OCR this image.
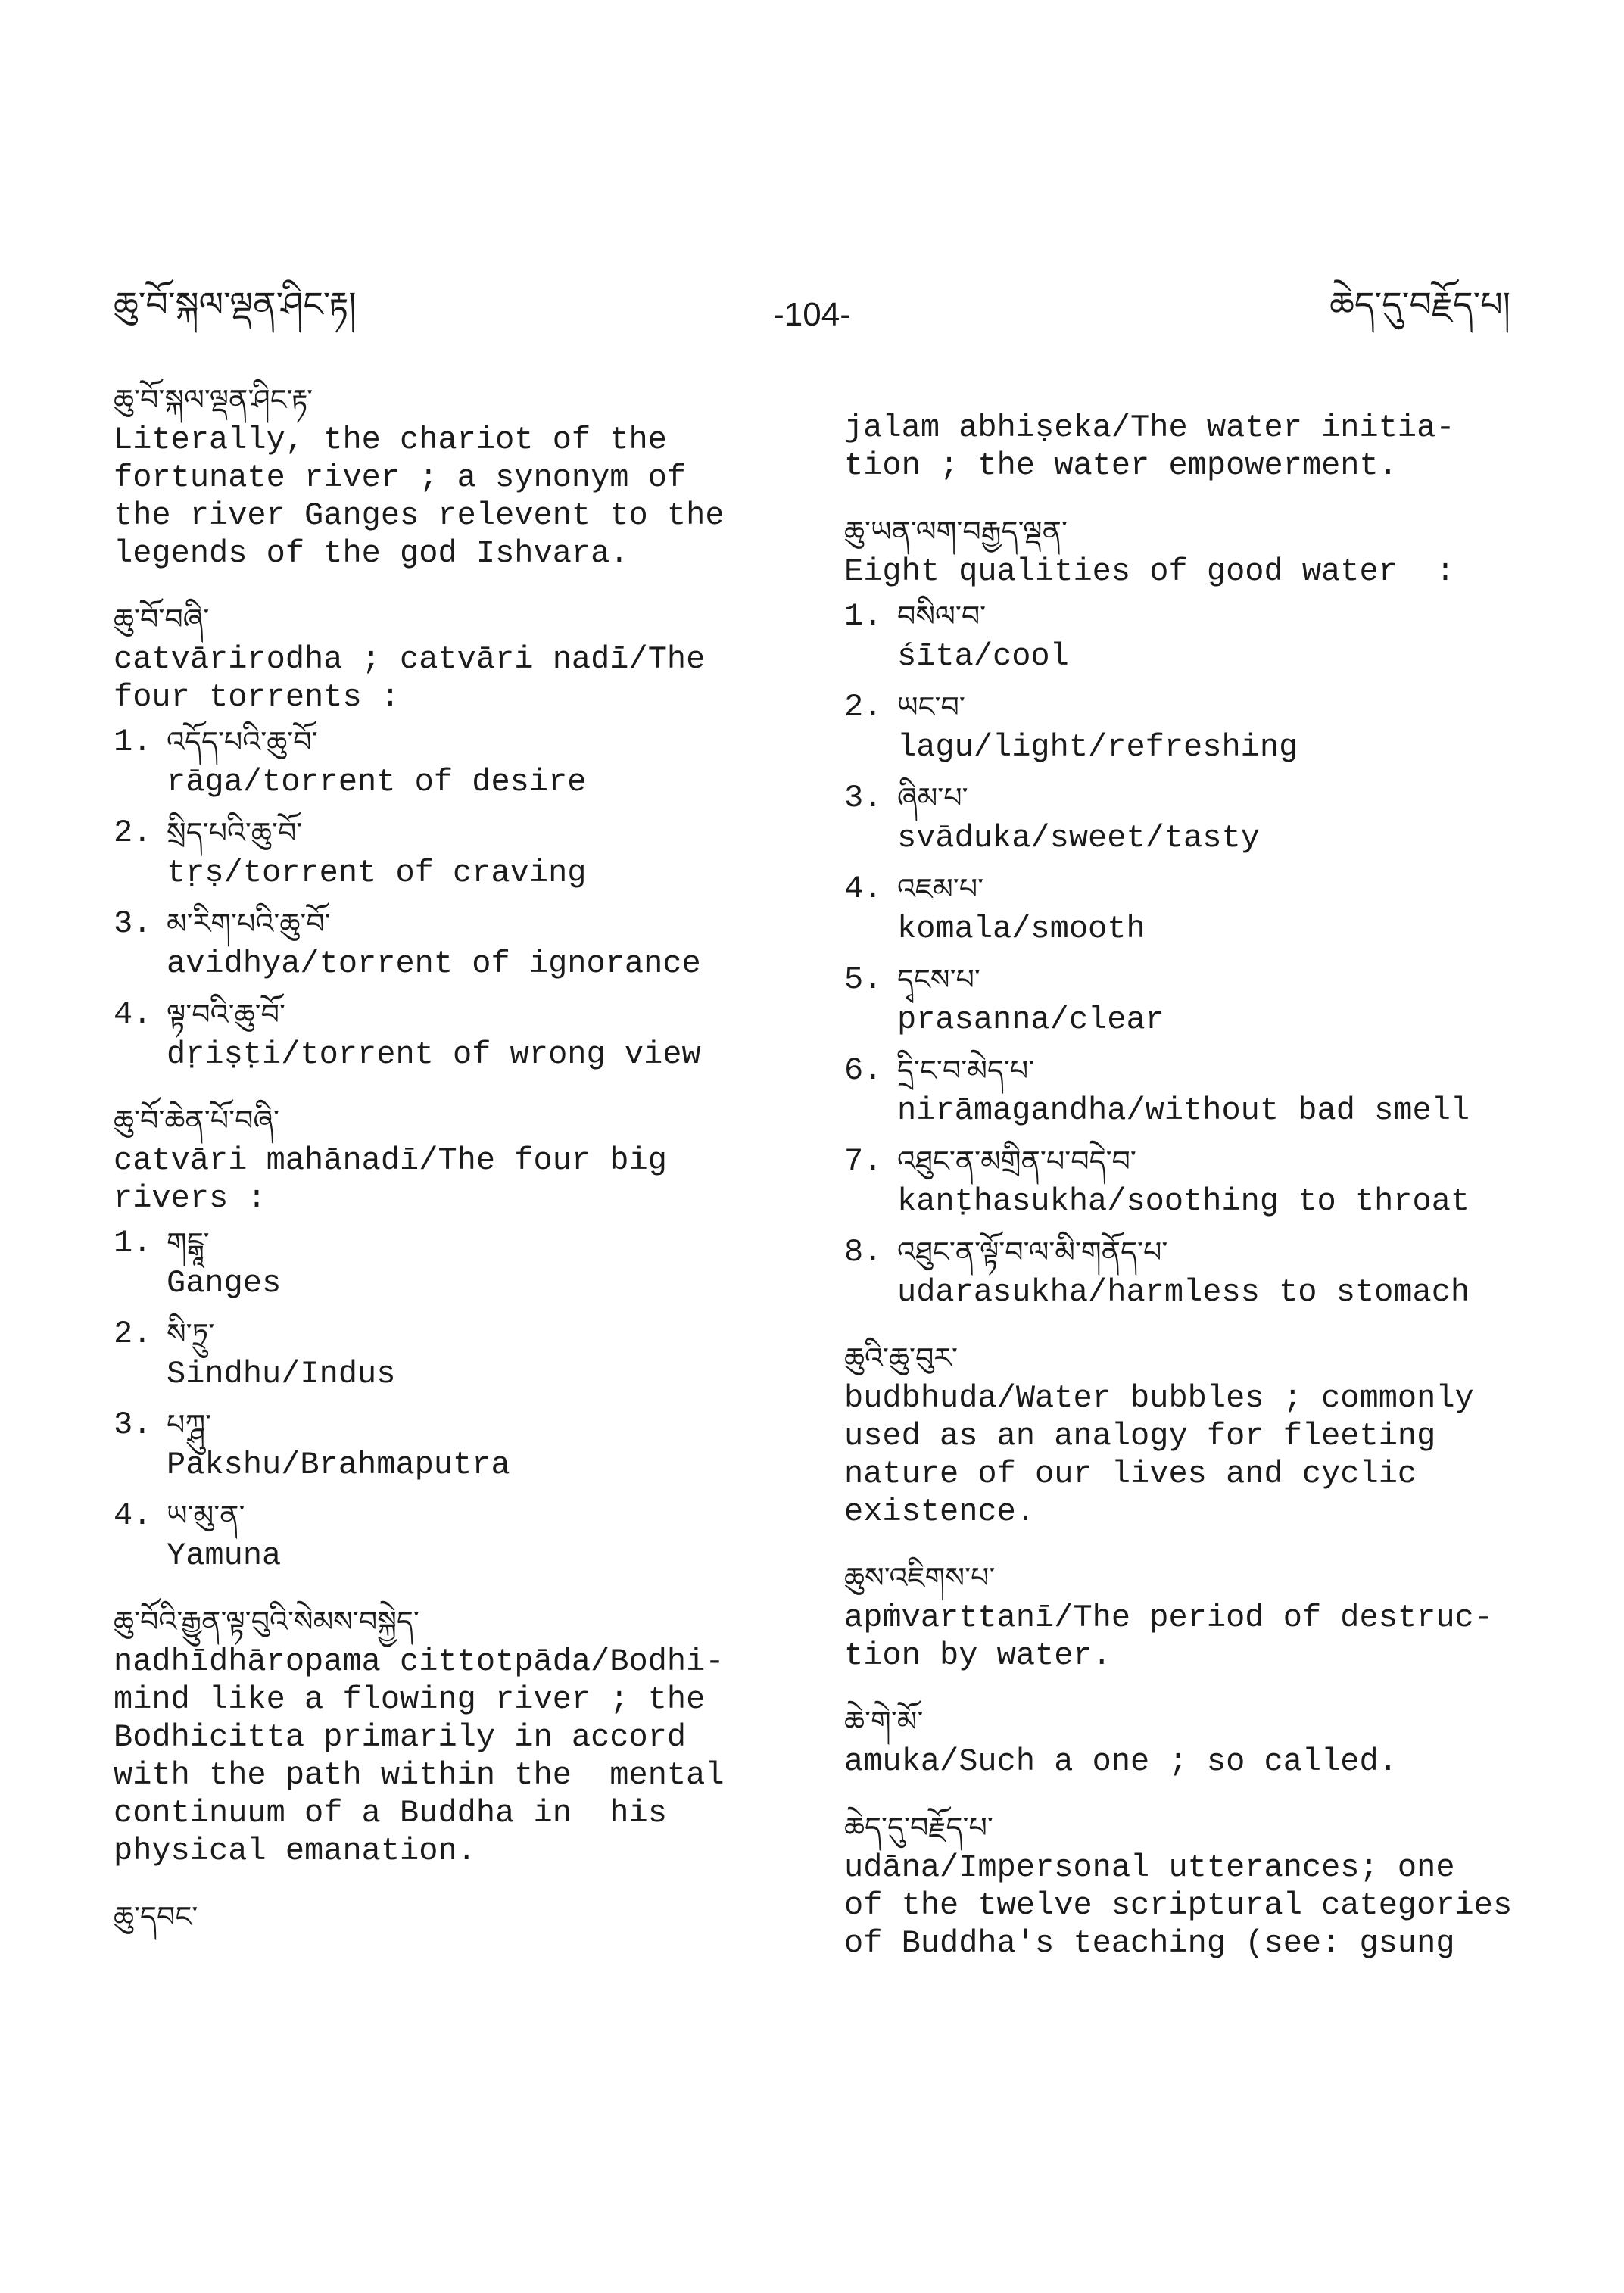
ཆུ་བོ་སྐལ་ལྡན་ཤིང་རྟ།	-104-	ཆེད་དུ་བརྗོད་པ།
ཆུ་བོ་སྐལ་ལྡན་ཤིང་རྟ་
Literally, the chariot of the
fortunate river ; a synonym of
the river Ganges relevent to the
legends of the god Ishvara.
ཆུ་བོ་བཞི་
catvārirodha ; catvāri nadī/The
four torrents :
1. འདོད་པའི་ཆུ་བོ་
rāga/torrent of desire
2. སྲིད་པའི་ཆུ་བོ་
tṛṣ/torrent of craving
3. མ་རིག་པའི་ཆུ་བོ་
avidhya/torrent of ignorance
4. ལྟ་བའི་ཆུ་བོ་
dṛiṣṭi/torrent of wrong view
ཆུ་བོ་ཆེན་པོ་བཞི་
catvāri mahānadī/The four big
rivers :
1. གངྒཱ་
Ganges
2. སི་ཏྲུ་
Sindhu/Indus
3. པཀྴུ་
Pakshu/Brahmaputra
4. ཡ་མུ་ན་
Yamuna
ཆུ་བོའི་རྒྱུན་ལྟ་བུའི་སེམས་བསྐྱེད་
nadhīdhāropama cittotpāda/Bodhi-
mind like a flowing river ; the
Bodhicitta primarily in accord
with the path within the  mental
continuum of a Buddha in  his
physical emanation.
ཆུ་དབང་
jalam abhiṣeka/The water initia-
tion ; the water empowerment.
ཆུ་ཡན་ལག་བརྒྱད་ལྡན་
Eight qualities of good water  :
1. བསིལ་བ་
śīta/cool
2. ཡང་བ་
lagu/light/refreshing
3. ཞིམ་པ་
svāduka/sweet/tasty
4. འཇམ་པ་
komala/smooth
5. དྭངས་པ་
prasanna/clear
6. དྲི་ང་བ་མེད་པ་
nirāmagandha/without bad smell
7. འཐུང་ན་མགྲིན་པ་བདེ་བ་
kanṭhasukha/soothing to throat
8. འཐུང་ན་ལྟོ་བ་ལ་མི་གནོད་པ་
udarasukha/harmless to stomach
ཆུའི་ཆུ་བུར་
budbhuda/Water bubbles ; commonly
used as an analogy for fleeting
nature of our lives and cyclic
existence.
ཆུས་འཇིགས་པ་
apṁvarttanī/The period of destruc-
tion by water.
ཆེ་གེ་མོ་
amuka/Such a one ; so called.
ཆེད་དུ་བརྗོད་པ་
udāna/Impersonal utterances; one
of the twelve scriptural categories
of Buddha's teaching (see: gsung
